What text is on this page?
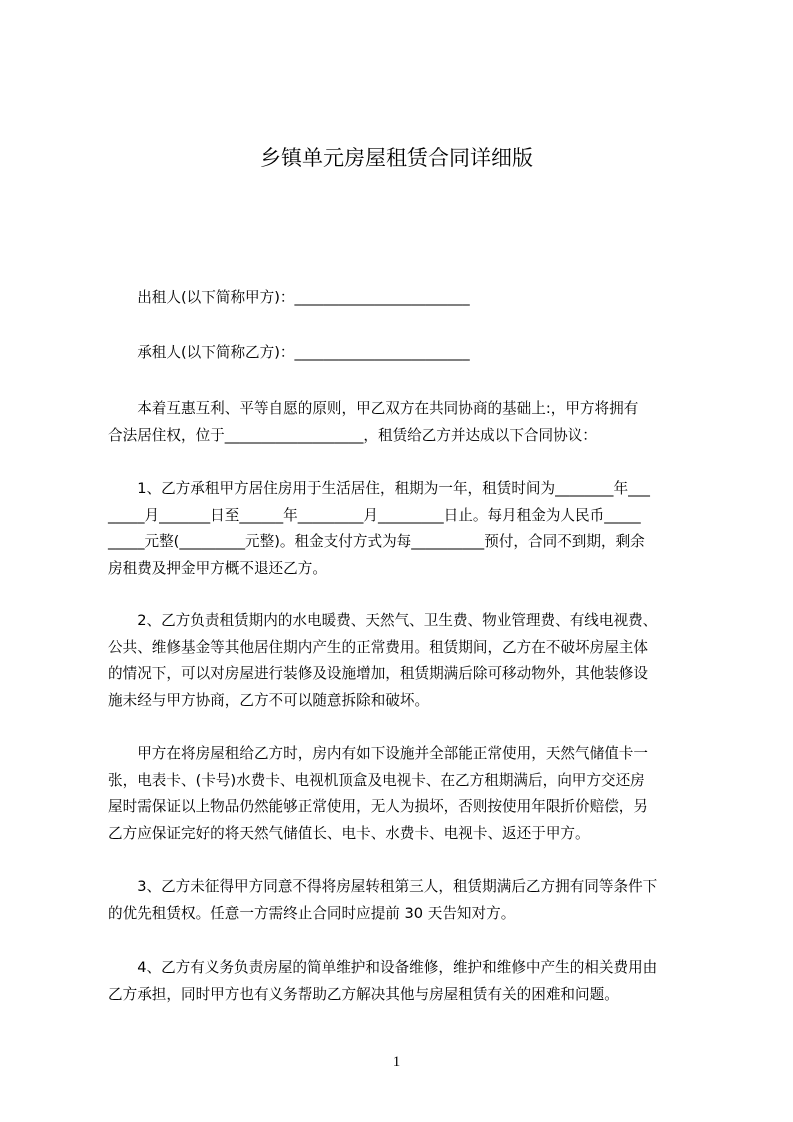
乡镇单元房屋租赁合同详细版
　　出租人(以下简称甲方)：________________________
　　承租人(以下简称乙方)：________________________
　　本着互惠互利、平等自愿的原则，甲乙双方在共同协商的基础上:，甲方将拥有
合法居住权，位于___________________，租赁给乙方并达成以下合同协议：
　　1、乙方承租甲方居住房用于生活居住，租期为一年，租赁时间为________年___
_____月_______日至______年_________月_________日止。每月租金为人民币_____
_____元整(_________元整)。租金支付方式为每__________预付，合同不到期，剩余
房租费及押金甲方概不退还乙方。
　　2、乙方负责租赁期内的水电暖费、天然气、卫生费、物业管理费、有线电视费、
公共、维修基金等其他居住期内产生的正常费用。租赁期间，乙方在不破坏房屋主体
的情况下，可以对房屋进行装修及设施增加，租赁期满后除可移动物外，其他装修设
施未经与甲方协商，乙方不可以随意拆除和破坏。
　　甲方在将房屋租给乙方时，房内有如下设施并全部能正常使用，天然气储值卡一
张，电表卡、(卡号)水费卡、电视机顶盒及电视卡、在乙方租期满后，向甲方交还房
屋时需保证以上物品仍然能够正常使用，无人为损坏，否则按使用年限折价赔偿，另
乙方应保证完好的将天然气储值长、电卡、水费卡、电视卡、返还于甲方。
　　3、乙方未征得甲方同意不得将房屋转租第三人，租赁期满后乙方拥有同等条件下
的优先租赁权。任意一方需终止合同时应提前 30 天告知对方。
　　4、乙方有义务负责房屋的简单维护和设备维修，维护和维修中产生的相关费用由
乙方承担，同时甲方也有义务帮助乙方解决其他与房屋租赁有关的困难和问题。
1
